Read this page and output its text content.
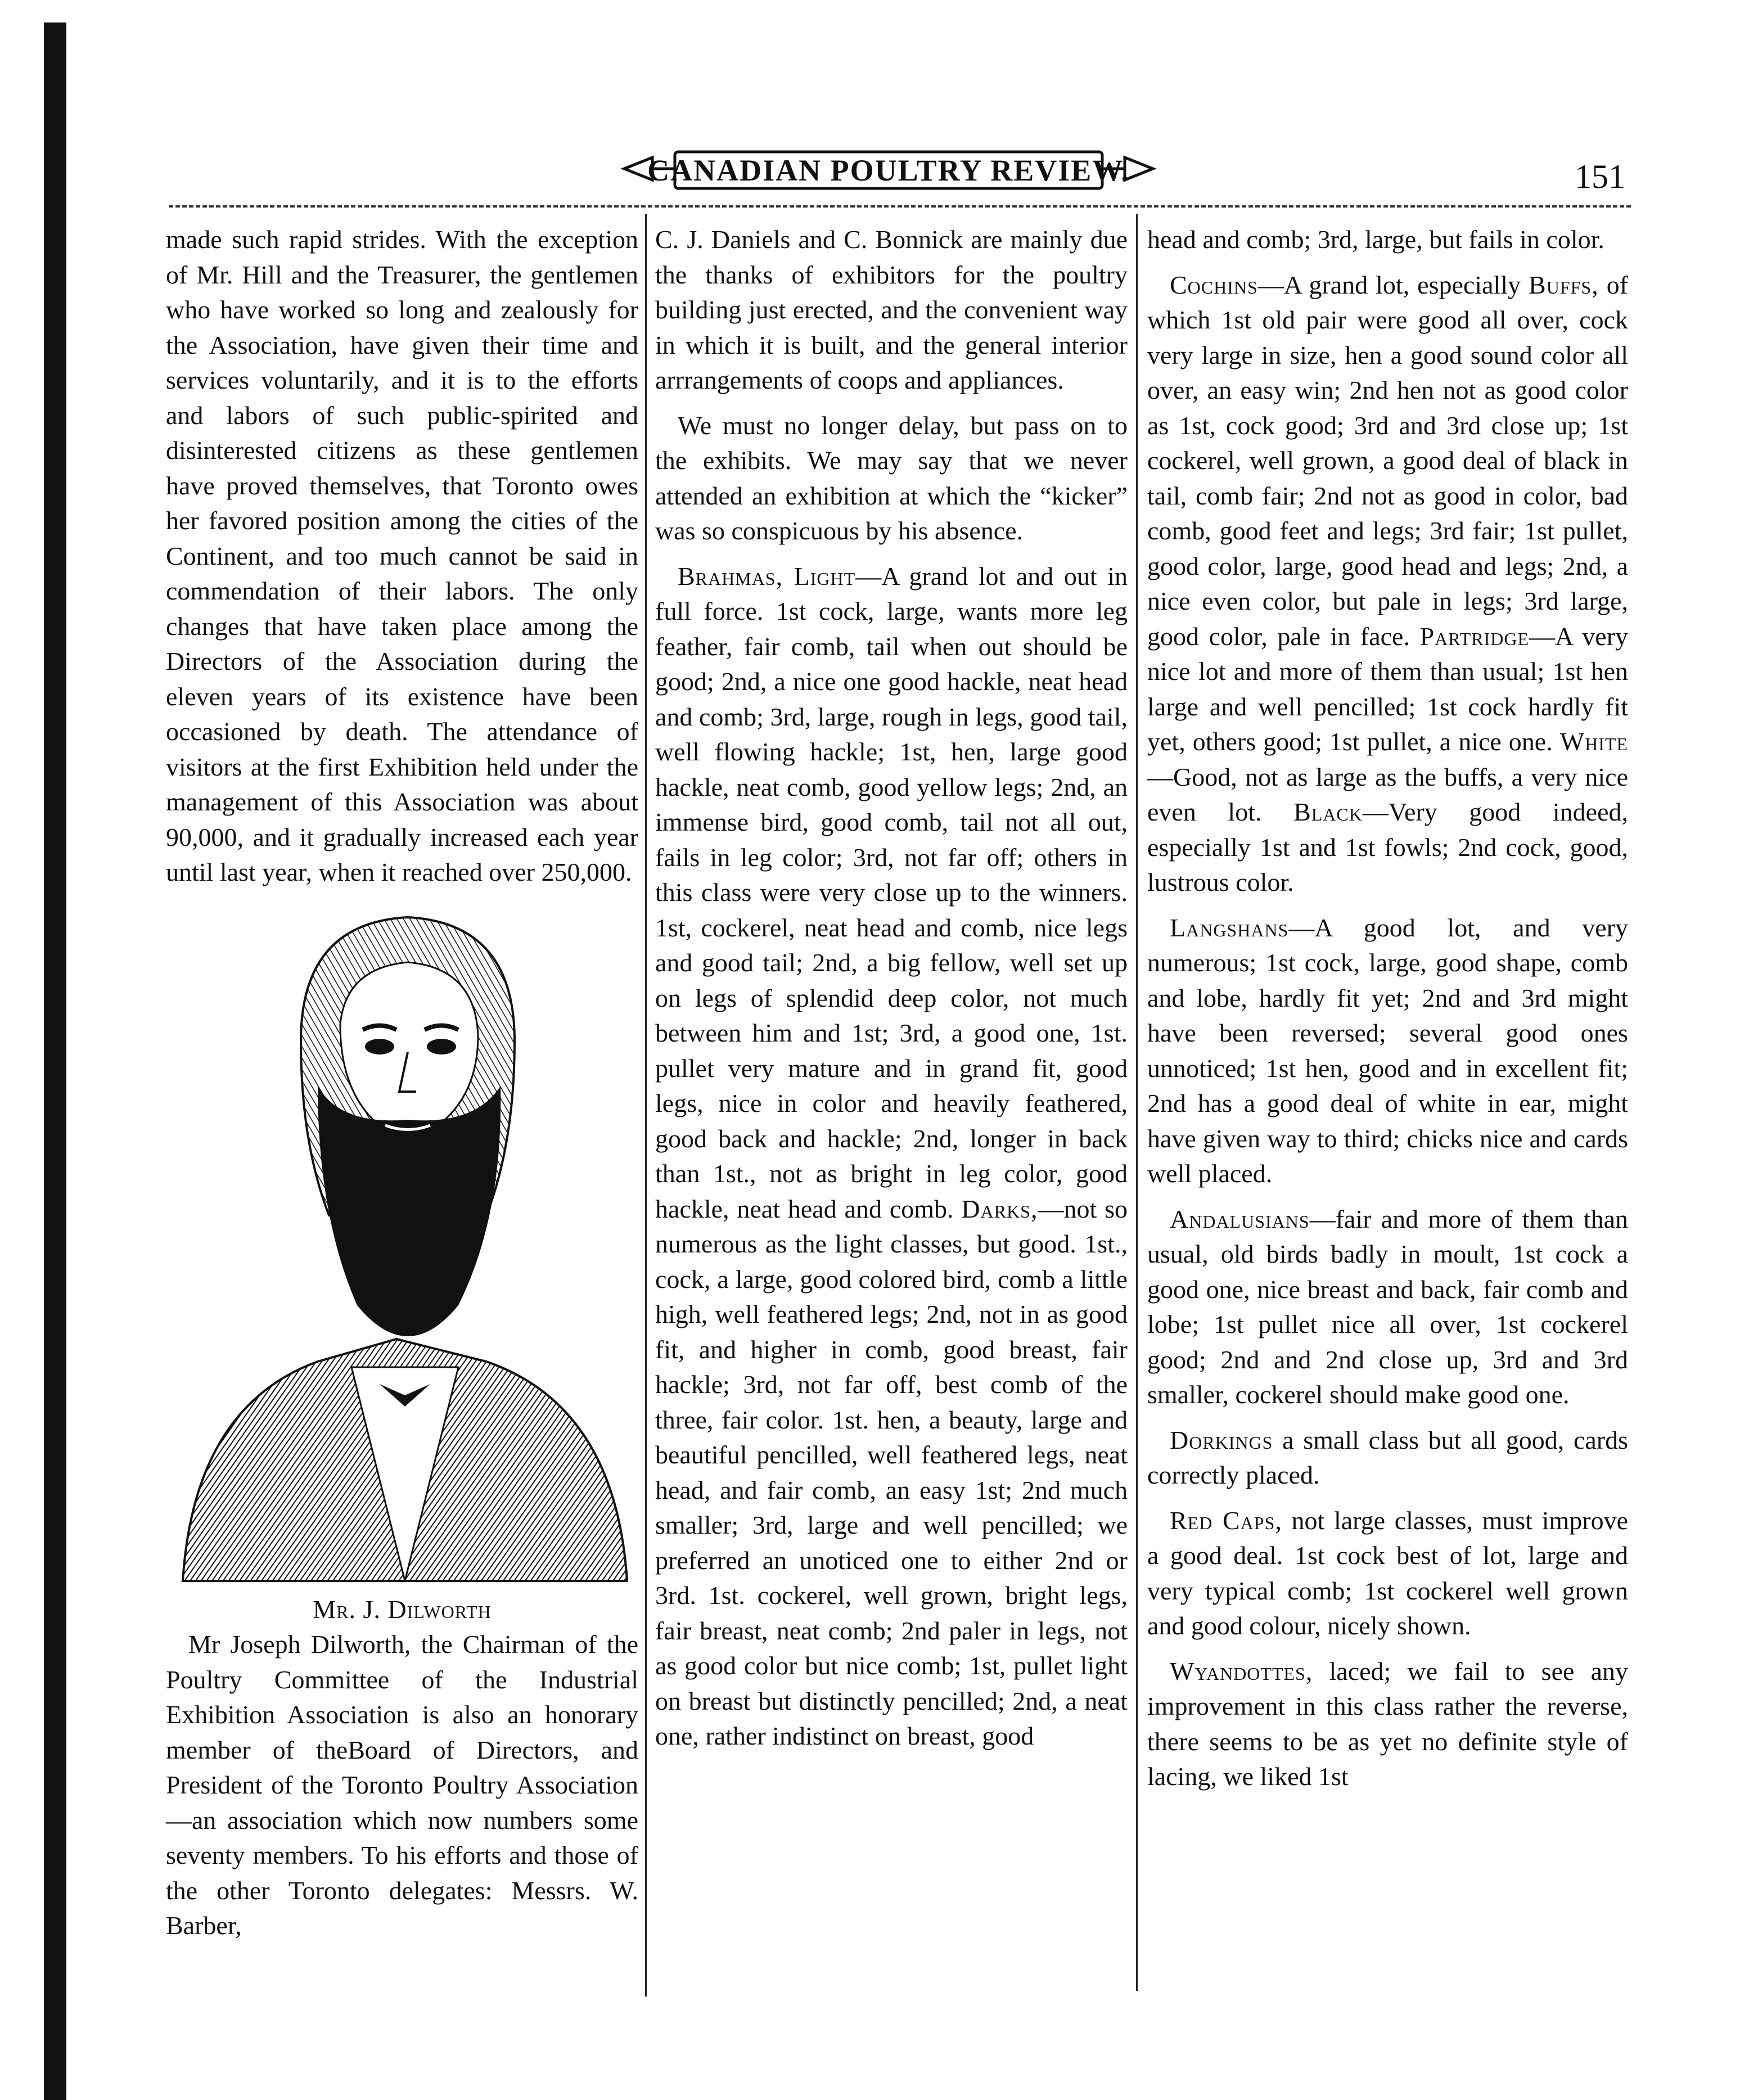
CANADIAN POULTRY REVIEW.	151

made such rapid strides. With the exception of Mr. Hill and the Treasurer, the gentlemen who have worked so long and zealously for the Association, have given their time and services voluntarily, and it is to the efforts and labors of such public-spirited and disinterested citizens as these gentlemen have proved themselves, that Toronto owes her favored position among the cities of the Continent, and too much cannot be said in commendation of their labors. The only changes that have taken place among the Directors of the Association during the eleven years of its existence have been occasioned by death. The attendance of visitors at the first Exhibition held under the management of this Association was about 90,000, and it gradually increased each year until last year, when it reached over 250,000.

Mr. J. Dilworth

Mr Joseph Dilworth, the Chairman of the Poultry Committee of the Industrial Exhibition Association is also an honorary member of theBoard of Directors, and President of the Toronto Poultry Association—an association which now numbers some seventy members. To his efforts and those of the other Toronto delegates: Messrs. W. Barber,

C. J. Daniels and C. Bonnick are mainly due the thanks of exhibitors for the poultry building just erected, and the convenient way in which it is built, and the general interior arrrangements of coops and appliances.

We must no longer delay, but pass on to the exhibits. We may say that we never attended an exhibition at which the “kicker” was so conspicuous by his absence.

Brahmas, Light—A grand lot and out in full force. 1st cock, large, wants more leg feather, fair comb, tail when out should be good; 2nd, a nice one good hackle, neat head and comb; 3rd, large, rough in legs, good tail, well flowing hackle; 1st, hen, large good hackle, neat comb, good yellow legs; 2nd, an immense bird, good comb, tail not all out, fails in leg color; 3rd, not far off; others in this class were very close up to the winners. 1st, cockerel, neat head and comb, nice legs and good tail; 2nd, a big fellow, well set up on legs of splendid deep color, not much between him and 1st; 3rd, a good one, 1st. pullet very mature and in grand fit, good legs, nice in color and heavily feathered, good back and hackle; 2nd, longer in back than 1st., not as bright in leg color, good hackle, neat head and comb. Darks,—not so numerous as the light classes, but good. 1st., cock, a large, good colored bird, comb a little high, well feathered legs; 2nd, not in as good fit, and higher in comb, good breast, fair hackle; 3rd, not far off, best comb of the three, fair color. 1st. hen, a beauty, large and beautiful pencilled, well feathered legs, neat head, and fair comb, an easy 1st; 2nd much smaller; 3rd, large and well pencilled; we preferred an unoticed one to either 2nd or 3rd. 1st. cockerel, well grown, bright legs, fair breast, neat comb; 2nd paler in legs, not as good color but nice comb; 1st, pullet light on breast but distinctly pencilled; 2nd, a neat one, rather indistinct on breast, good

head and comb; 3rd, large, but fails in color.

Cochins—A grand lot, especially Buffs, of which 1st old pair were good all over, cock very large in size, hen a good sound color all over, an easy win; 2nd hen not as good color as 1st, cock good; 3rd and 3rd close up; 1st cockerel, well grown, a good deal of black in tail, comb fair; 2nd not as good in color, bad comb, good feet and legs; 3rd fair; 1st pullet, good color, large, good head and legs; 2nd, a nice even color, but pale in legs; 3rd large, good color, pale in face. Partridge—A very nice lot and more of them than usual; 1st hen large and well pencilled; 1st cock hardly fit yet, others good; 1st pullet, a nice one. White—Good, not as large as the buffs, a very nice even lot. Black—Very good indeed, especially 1st and 1st fowls; 2nd cock, good, lustrous color.

Langshans—A good lot, and very numerous; 1st cock, large, good shape, comb and lobe, hardly fit yet; 2nd and 3rd might have been reversed; several good ones unnoticed; 1st hen, good and in excellent fit; 2nd has a good deal of white in ear, might have given way to third; chicks nice and cards well placed.

Andalusians—fair and more of them than usual, old birds badly in moult, 1st cock a good one, nice breast and back, fair comb and lobe; 1st pullet nice all over, 1st cockerel good; 2nd and 2nd close up, 3rd and 3rd smaller, cockerel should make good one.

Dorkings a small class but all good, cards correctly placed.

Red Caps, not large classes, must improve a good deal. 1st cock best of lot, large and very typical comb; 1st cockerel well grown and good colour, nicely shown.

Wyandottes, laced; we fail to see any improvement in this class rather the reverse, there seems to be as yet no definite style of lacing, we liked 1st
